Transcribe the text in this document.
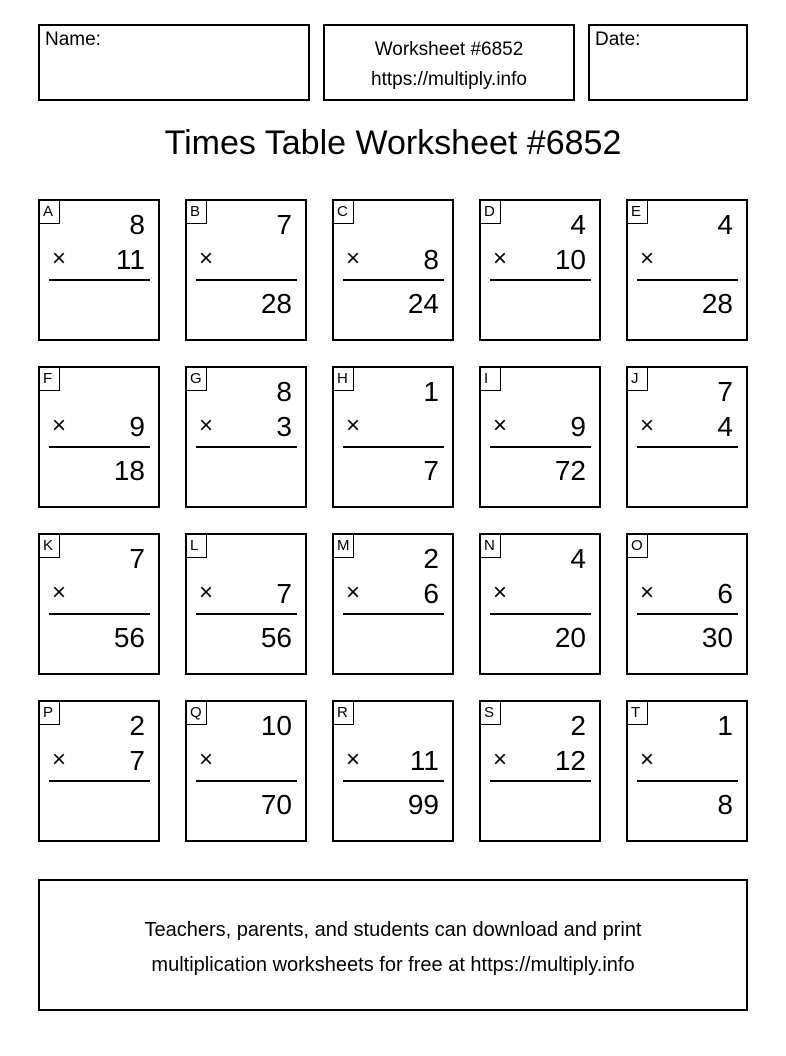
Name:	Worksheet #6852
https://multiply.info
Date:
Times Table Worksheet #6852
A	8
× 11
B	7
×
28
C
× 8
24
D	4
× 10
E	4
×
28
F
× 9
18
G	8
× 3
H	1
×
7
I
× 9
72
J	7
× 4
K	7
×
56
L
× 7
56
M	2
× 6
N	4
×
20
O
× 6
30
P	2
× 7
Q 10
×
70
R
× 11
99
S	2
× 12
T	1
×
8
Teachers, parents, and students can download and print
multiplication worksheets for free at https://multiply.info
